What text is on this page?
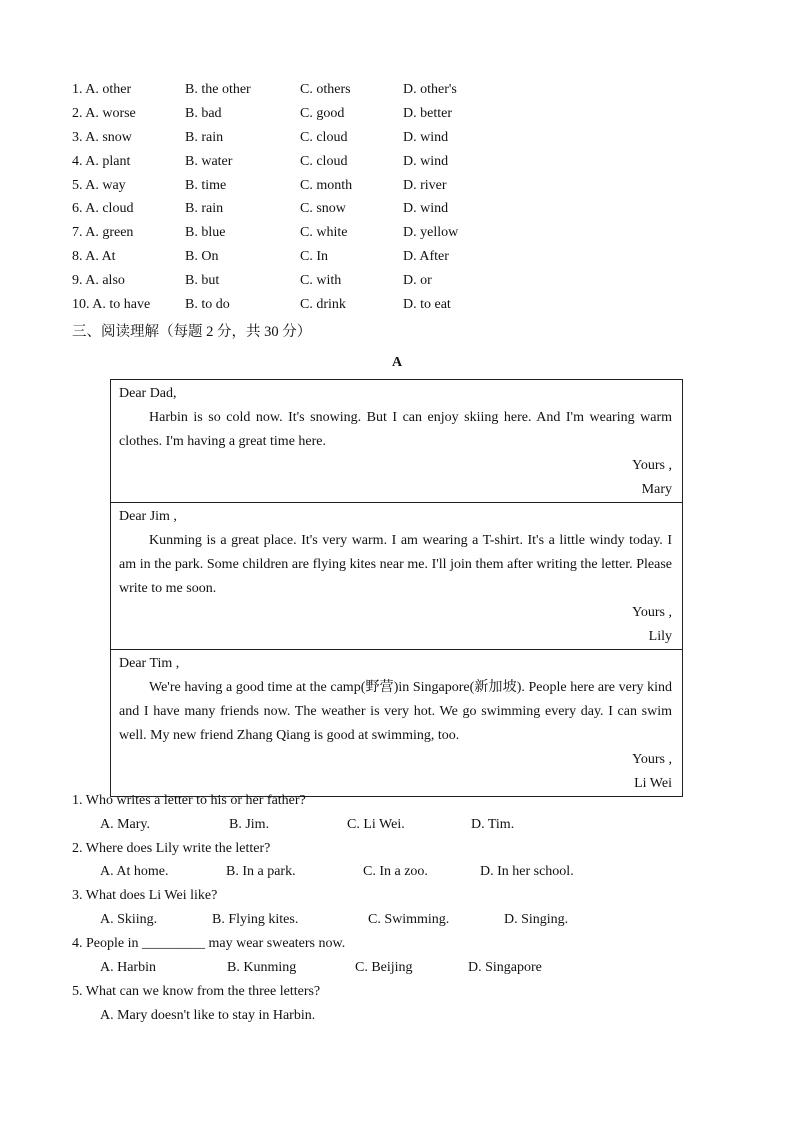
1. A. other	B. the other	C. others	D. other's
2. A. worse	B. bad	C. good	D. better
3. A. snow	B. rain	C. cloud	D. wind
4. A. plant	B. water	C. cloud	D. wind
5. A. way	B. time	C. month	D. river
6. A. cloud	B. rain	C. snow	D. wind
7. A. green	B. blue	C. white	D. yellow
8. A. At	B. On	C. In	D. After
9. A. also	B. but	C. with	D. or
10. A. to have B. to do	C. drink	D. to eat
三、阅读理解（每题 2 分，共 30 分）
A
Dear Dad,
Harbin is so cold now. It's snowing. But I can enjoy skiing here. And I'm wearing warm clothes. I'm having a great time here.
Yours ,
Mary
Dear Jim ,
Kunming is a great place. It's very warm. I am wearing a T-shirt. It's a little windy today. I am in the park. Some children are flying kites near me. I'll join them after writing the letter. Please write to me soon.
Yours ,
Lily
Dear Tim ,
We're having a good time at the camp(野营)in Singapore(新加坡). People here are very kind and I have many friends now. The weather is very hot. We go swimming every day. I can swim well. My new friend Zhang Qiang is good at swimming, too.
Yours ,
Li Wei
1. Who writes a letter to his or her father?
A. Mary.	B. Jim.	C. Li Wei.	D. Tim.
2. Where does Lily write the letter?
A. At home.	B. In a park.	C. In a zoo.	D. In her school.
3. What does Li Wei like?
A. Skiing.	B. Flying kites.	C. Swimming.	D. Singing.
4. People in _________ may wear sweaters now.
A. Harbin	B. Kunming	C. Beijing	D. Singapore
5. What can we know from the three letters?
A. Mary doesn't like to stay in Harbin.
